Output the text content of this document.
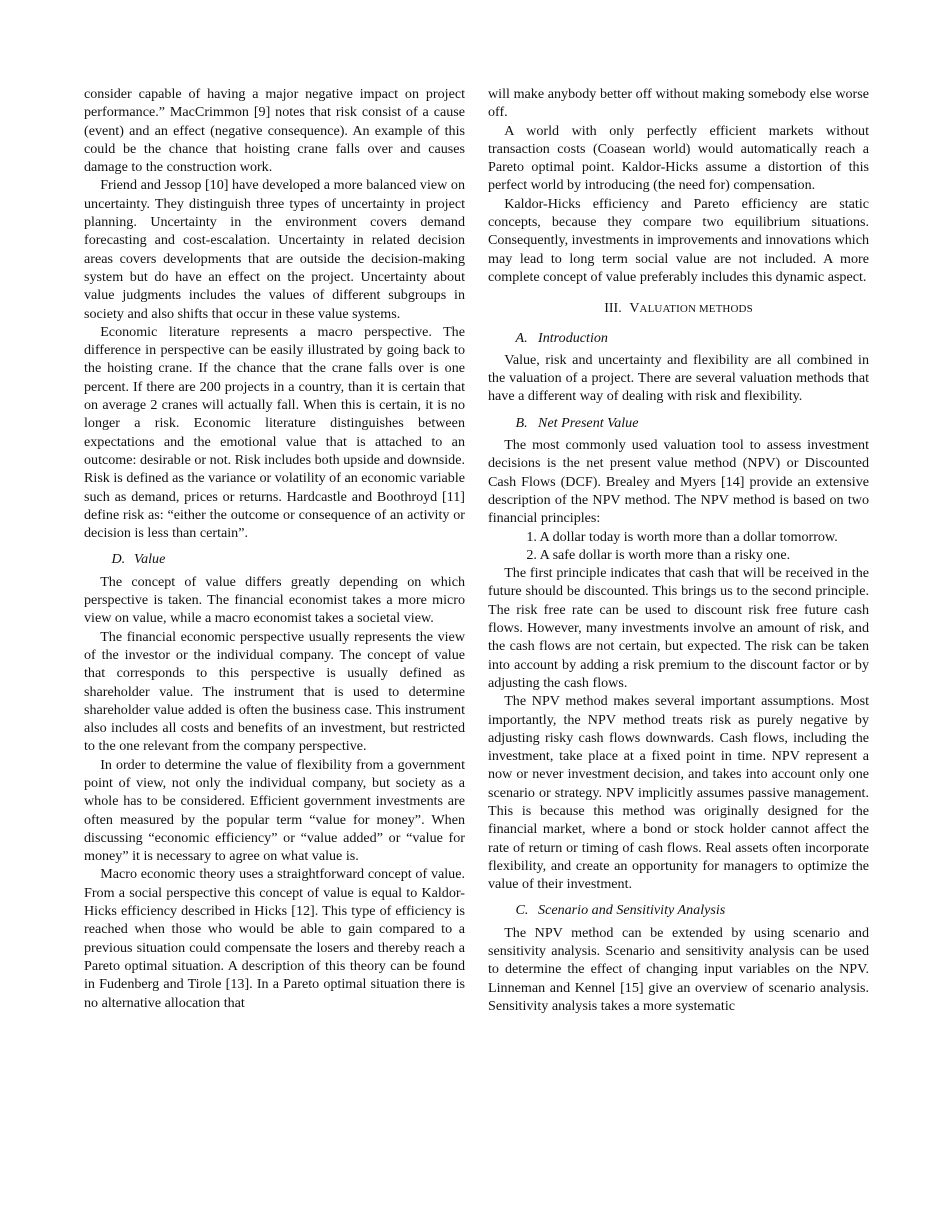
consider capable of having a major negative impact on project performance.” MacCrimmon [9] notes that risk consist of a cause (event) and an effect (negative consequence). An example of this could be the chance that hoisting crane falls over and causes damage to the construction work.

Friend and Jessop [10] have developed a more balanced view on uncertainty. They distinguish three types of uncertainty in project planning. Uncertainty in the environment covers demand forecasting and cost-escalation. Uncertainty in related decision areas covers developments that are outside the decision-making system but do have an effect on the project. Uncertainty about value judgments includes the values of different subgroups in society and also shifts that occur in these value systems.

Economic literature represents a macro perspective. The difference in perspective can be easily illustrated by going back to the hoisting crane. If the chance that the crane falls over is one percent. If there are 200 projects in a country, than it is certain that on average 2 cranes will actually fall. When this is certain, it is no longer a risk. Economic literature distinguishes between expectations and the emotional value that is attached to an outcome: desirable or not. Risk includes both upside and downside. Risk is defined as the variance or volatility of an economic variable such as demand, prices or returns. Hardcastle and Boothroyd [11] define risk as: “either the outcome or consequence of an activity or decision is less than certain”.

D. Value

The concept of value differs greatly depending on which perspective is taken. The financial economist takes a more micro view on value, while a macro economist takes a societal view.

The financial economic perspective usually represents the view of the investor or the individual company. The concept of value that corresponds to this perspective is usually defined as shareholder value. The instrument that is used to determine shareholder value added is often the business case. This instrument also includes all costs and benefits of an investment, but restricted to the one relevant from the company perspective.

In order to determine the value of flexibility from a government point of view, not only the individual company, but society as a whole has to be considered. Efficient government investments are often measured by the popular term “value for money”. When discussing “economic efficiency” or “value added” or “value for money” it is necessary to agree on what value is.

Macro economic theory uses a straightforward concept of value. From a social perspective this concept of value is equal to Kaldor-Hicks efficiency described in Hicks [12]. This type of efficiency is reached when those who would be able to gain compared to a previous situation could compensate the losers and thereby reach a Pareto optimal situation. A description of this theory can be found in Fudenberg and Tirole [13]. In a Pareto optimal situation there is no alternative allocation that

will make anybody better off without making somebody else worse off.

A world with only perfectly efficient markets without transaction costs (Coasean world) would automatically reach a Pareto optimal point. Kaldor-Hicks assume a distortion of this perfect world by introducing (the need for) compensation.

Kaldor-Hicks efficiency and Pareto efficiency are static concepts, because they compare two equilibrium situations. Consequently, investments in improvements and innovations which may lead to long term social value are not included. A more complete concept of value preferably includes this dynamic aspect.

III. VALUATION METHODS
A. Introduction

Value, risk and uncertainty and flexibility are all combined in the valuation of a project. There are several valuation methods that have a different way of dealing with risk and flexibility.

B. Net Present Value

The most commonly used valuation tool to assess investment decisions is the net present value method (NPV) or Discounted Cash Flows (DCF). Brealey and Myers [14] provide an extensive description of the NPV method. The NPV method is based on two financial principles:

1. A dollar today is worth more than a dollar tomorrow.
2. A safe dollar is worth more than a risky one.

The first principle indicates that cash that will be received in the future should be discounted. This brings us to the second principle. The risk free rate can be used to discount risk free future cash flows. However, many investments involve an amount of risk, and the cash flows are not certain, but expected. The risk can be taken into account by adding a risk premium to the discount factor or by adjusting the cash flows.

The NPV method makes several important assumptions. Most importantly, the NPV method treats risk as purely negative by adjusting risky cash flows downwards. Cash flows, including the investment, take place at a fixed point in time. NPV represent a now or never investment decision, and takes into account only one scenario or strategy. NPV implicitly assumes passive management. This is because this method was originally designed for the financial market, where a bond or stock holder cannot affect the rate of return or timing of cash flows. Real assets often incorporate flexibility, and create an opportunity for managers to optimize the value of their investment.

C. Scenario and Sensitivity Analysis

The NPV method can be extended by using scenario and sensitivity analysis. Scenario and sensitivity analysis can be used to determine the effect of changing input variables on the NPV. Linneman and Kennel [15] give an overview of scenario analysis. Sensitivity analysis takes a more systematic
